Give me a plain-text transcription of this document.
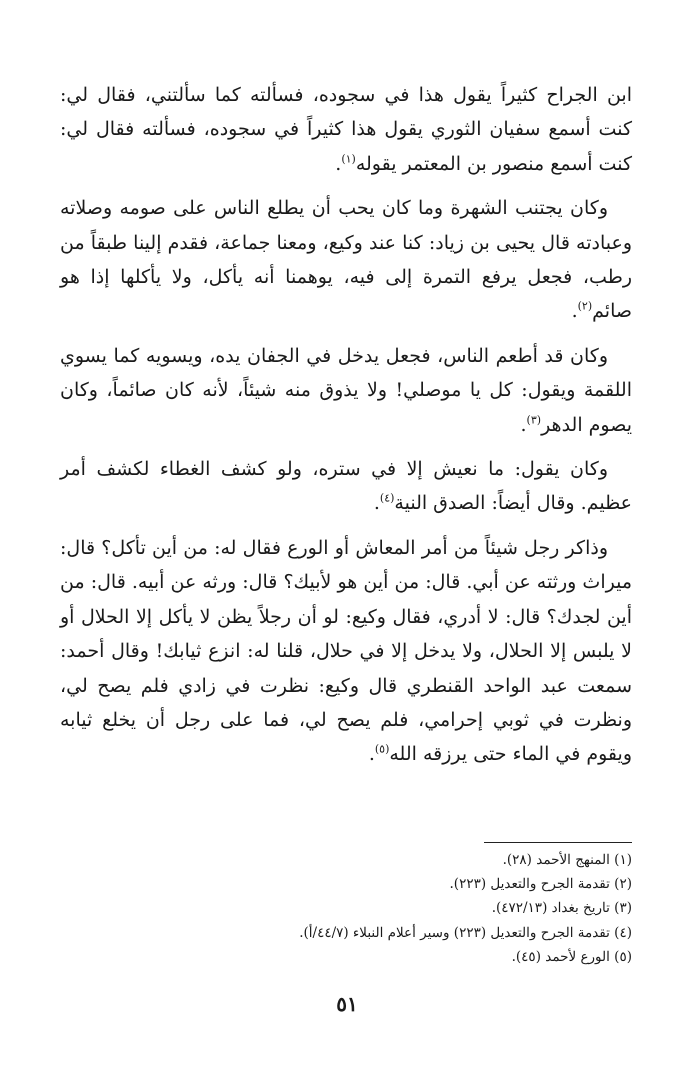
ابن الجراح كثيراً يقول هذا في سجوده، فسألته كما سألتني، فقال لي: كنت أسمع سفيان الثوري يقول هذا كثيراً في سجوده، فسألته فقال لي: كنت أسمع منصور بن المعتمر يقوله$^{(١)}$.

وكان يجتنب الشهرة وما كان يحب أن يطلع الناس على صومه وصلاته وعبادته قال يحيى بن زياد: كنا عند وكيع، ومعنا جماعة، فقدم إلينا طبقاً من رطب، فجعل يرفع التمرة إلى فيه، يوهمنا أنه يأكل، ولا يأكلها إذا هو صائم$^{(٢)}$.

وكان قد أطعم الناس، فجعل يدخل في الجفان يده، ويسويه كما يسوي اللقمة ويقول: كل يا موصلي! ولا يذوق منه شيئاً، لأنه كان صائماً، وكان يصوم الدهر$^{(٣)}$.

وكان يقول: ما نعيش إلا في ستره، ولو كشف الغطاء لكشف أمر عظيم. وقال أيضاً: الصدق النية$^{(٤)}$.

وذاكر رجل شيئاً من أمر المعاش أو الورع فقال له: من أين تأكل؟ قال: ميراث ورثته عن أبي. قال: من أين هو لأبيك؟ قال: ورثه عن أبيه. قال: من أين لجدك؟ قال: لا أدري، فقال وكيع: لو أن رجلاً يظن لا يأكل إلا الحلال أو لا يلبس إلا الحلال، ولا يدخل إلا في حلال، قلنا له: انزع ثيابك! وقال أحمد: سمعت عبد الواحد القنطري قال وكيع: نظرت في زادي فلم يصح لي، ونظرت في ثوبي إحرامي، فلم يصح لي، فما على رجل أن يخلع ثيابه ويقوم في الماء حتى يرزقه الله$^{(٥)}$.

(١) المنهج الأحمد (٢٨).

(٢) تقدمة الجرح والتعديل (٢٢٣).

(٣) تاريخ بغداد (٤٧٢/١٣).

(٤) تقدمة الجرح والتعديل (٢٢٣) وسير أعلام النبلاء (٤٤/٧/أ).

(٥) الورع لأحمد (٤٥).

٥١
